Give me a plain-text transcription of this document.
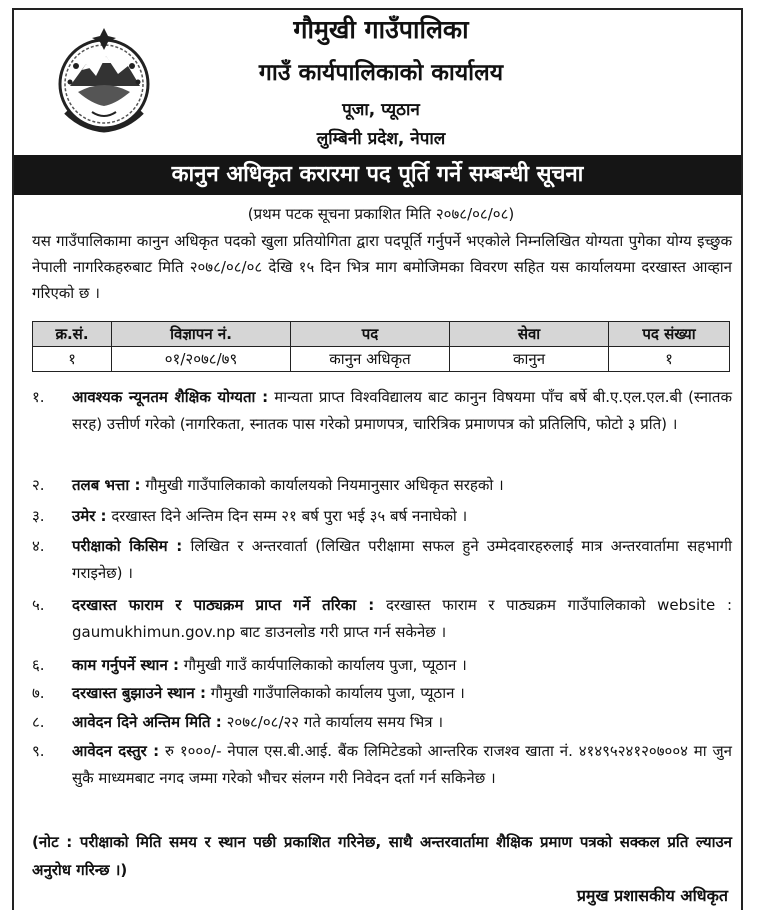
गौमुखी गाउँपालिका
गाउँ कार्यपालिकाको कार्यालय
पूजा, प्यूठान
लुम्बिनी प्रदेश, नेपाल
कानुन अधिकृत करारमा पद पूर्ति गर्ने सम्बन्धी सूचना
(प्रथम पटक सूचना प्रकाशित मिति २०७८/०८/०८)
यस गाउँपालिकामा कानुन अधिकृत पदको खुला प्रतियोगिता द्वारा पदपूर्ति गर्नुपर्ने भएकोले निम्नलिखित योग्यता पुगेका योग्य इच्छुक नेपाली नागरिकहरुबाट मिति २०७८/०८/०८ देखि १५ दिन भित्र माग बमोजिमका विवरण सहित यस कार्यालयमा दरखास्त आव्हान गरिएको छ ।
क्र.सं.	विज्ञापन नं.	पद	सेवा	पद संख्या
१	०१/२०७८/७९	कानुन अधिकृत	कानुन	१
१.	आवश्यक न्यूनतम शैक्षिक योग्यता : मान्यता प्राप्त विश्वविद्यालय बाट कानुन विषयमा पाँच बर्षे बी.ए.एल.एल.बी (स्नातक सरह) उत्तीर्ण गरेको (नागरिकता, स्नातक पास गरेको प्रमाणपत्र, चारित्रिक प्रमाणपत्र को प्रतिलिपि, फोटो ३ प्रति) ।
२.	तलब भत्ता : गौमुखी गाउँपालिकाको कार्यालयको नियमानुसार अधिकृत सरहको ।
३.	उमेर : दरखास्त दिने अन्तिम दिन सम्म २१ बर्ष पुरा भई ३५ बर्ष ननाघेको ।
४.	परीक्षाको किसिम : लिखित र अन्तरवार्ता (लिखित परीक्षामा सफल हुने उम्मेदवारहरुलाई मात्र अन्तरवार्तामा सहभागी गराइनेछ) ।
५.	दरखास्त फाराम र पाठ्यक्रम प्राप्त गर्ने तरिका : दरखास्त फाराम र पाठ्यक्रम गाउँपालिकाको website : gaumukhimun.gov.np बाट डाउनलोड गरी प्राप्त गर्न सकेनेछ ।
६.	काम गर्नुपर्ने स्थान : गौमुखी गाउँ कार्यपालिकाको कार्यालय पुजा, प्यूठान ।
७.	दरखास्त बुझाउने स्थान : गौमुखी गाउँपालिकाको कार्यालय पुजा, प्यूठान ।
८.	आवेदन दिने अन्तिम मिति : २०७८/०८/२२ गते कार्यालय समय भित्र ।
९.	आवेदन दस्तुर : रु १०००/- नेपाल एस.बी.आई. बैंक लिमिटेडको आन्तरिक राजश्व खाता नं. ४१४९५२४१२०७००४ मा जुन सुकै माध्यमबाट नगद जम्मा गरेको भौचर संलग्न गरी निवेदन दर्ता गर्न सकिनेछ ।
(नोट : परीक्षाको मिति समय र स्थान पछी प्रकाशित गरिनेछ, साथै अन्तरवार्तामा शैक्षिक प्रमाण पत्रको सक्कल प्रति ल्याउन अनुरोध गरिन्छ ।)
प्रमुख प्रशासकीय अधिकृत
